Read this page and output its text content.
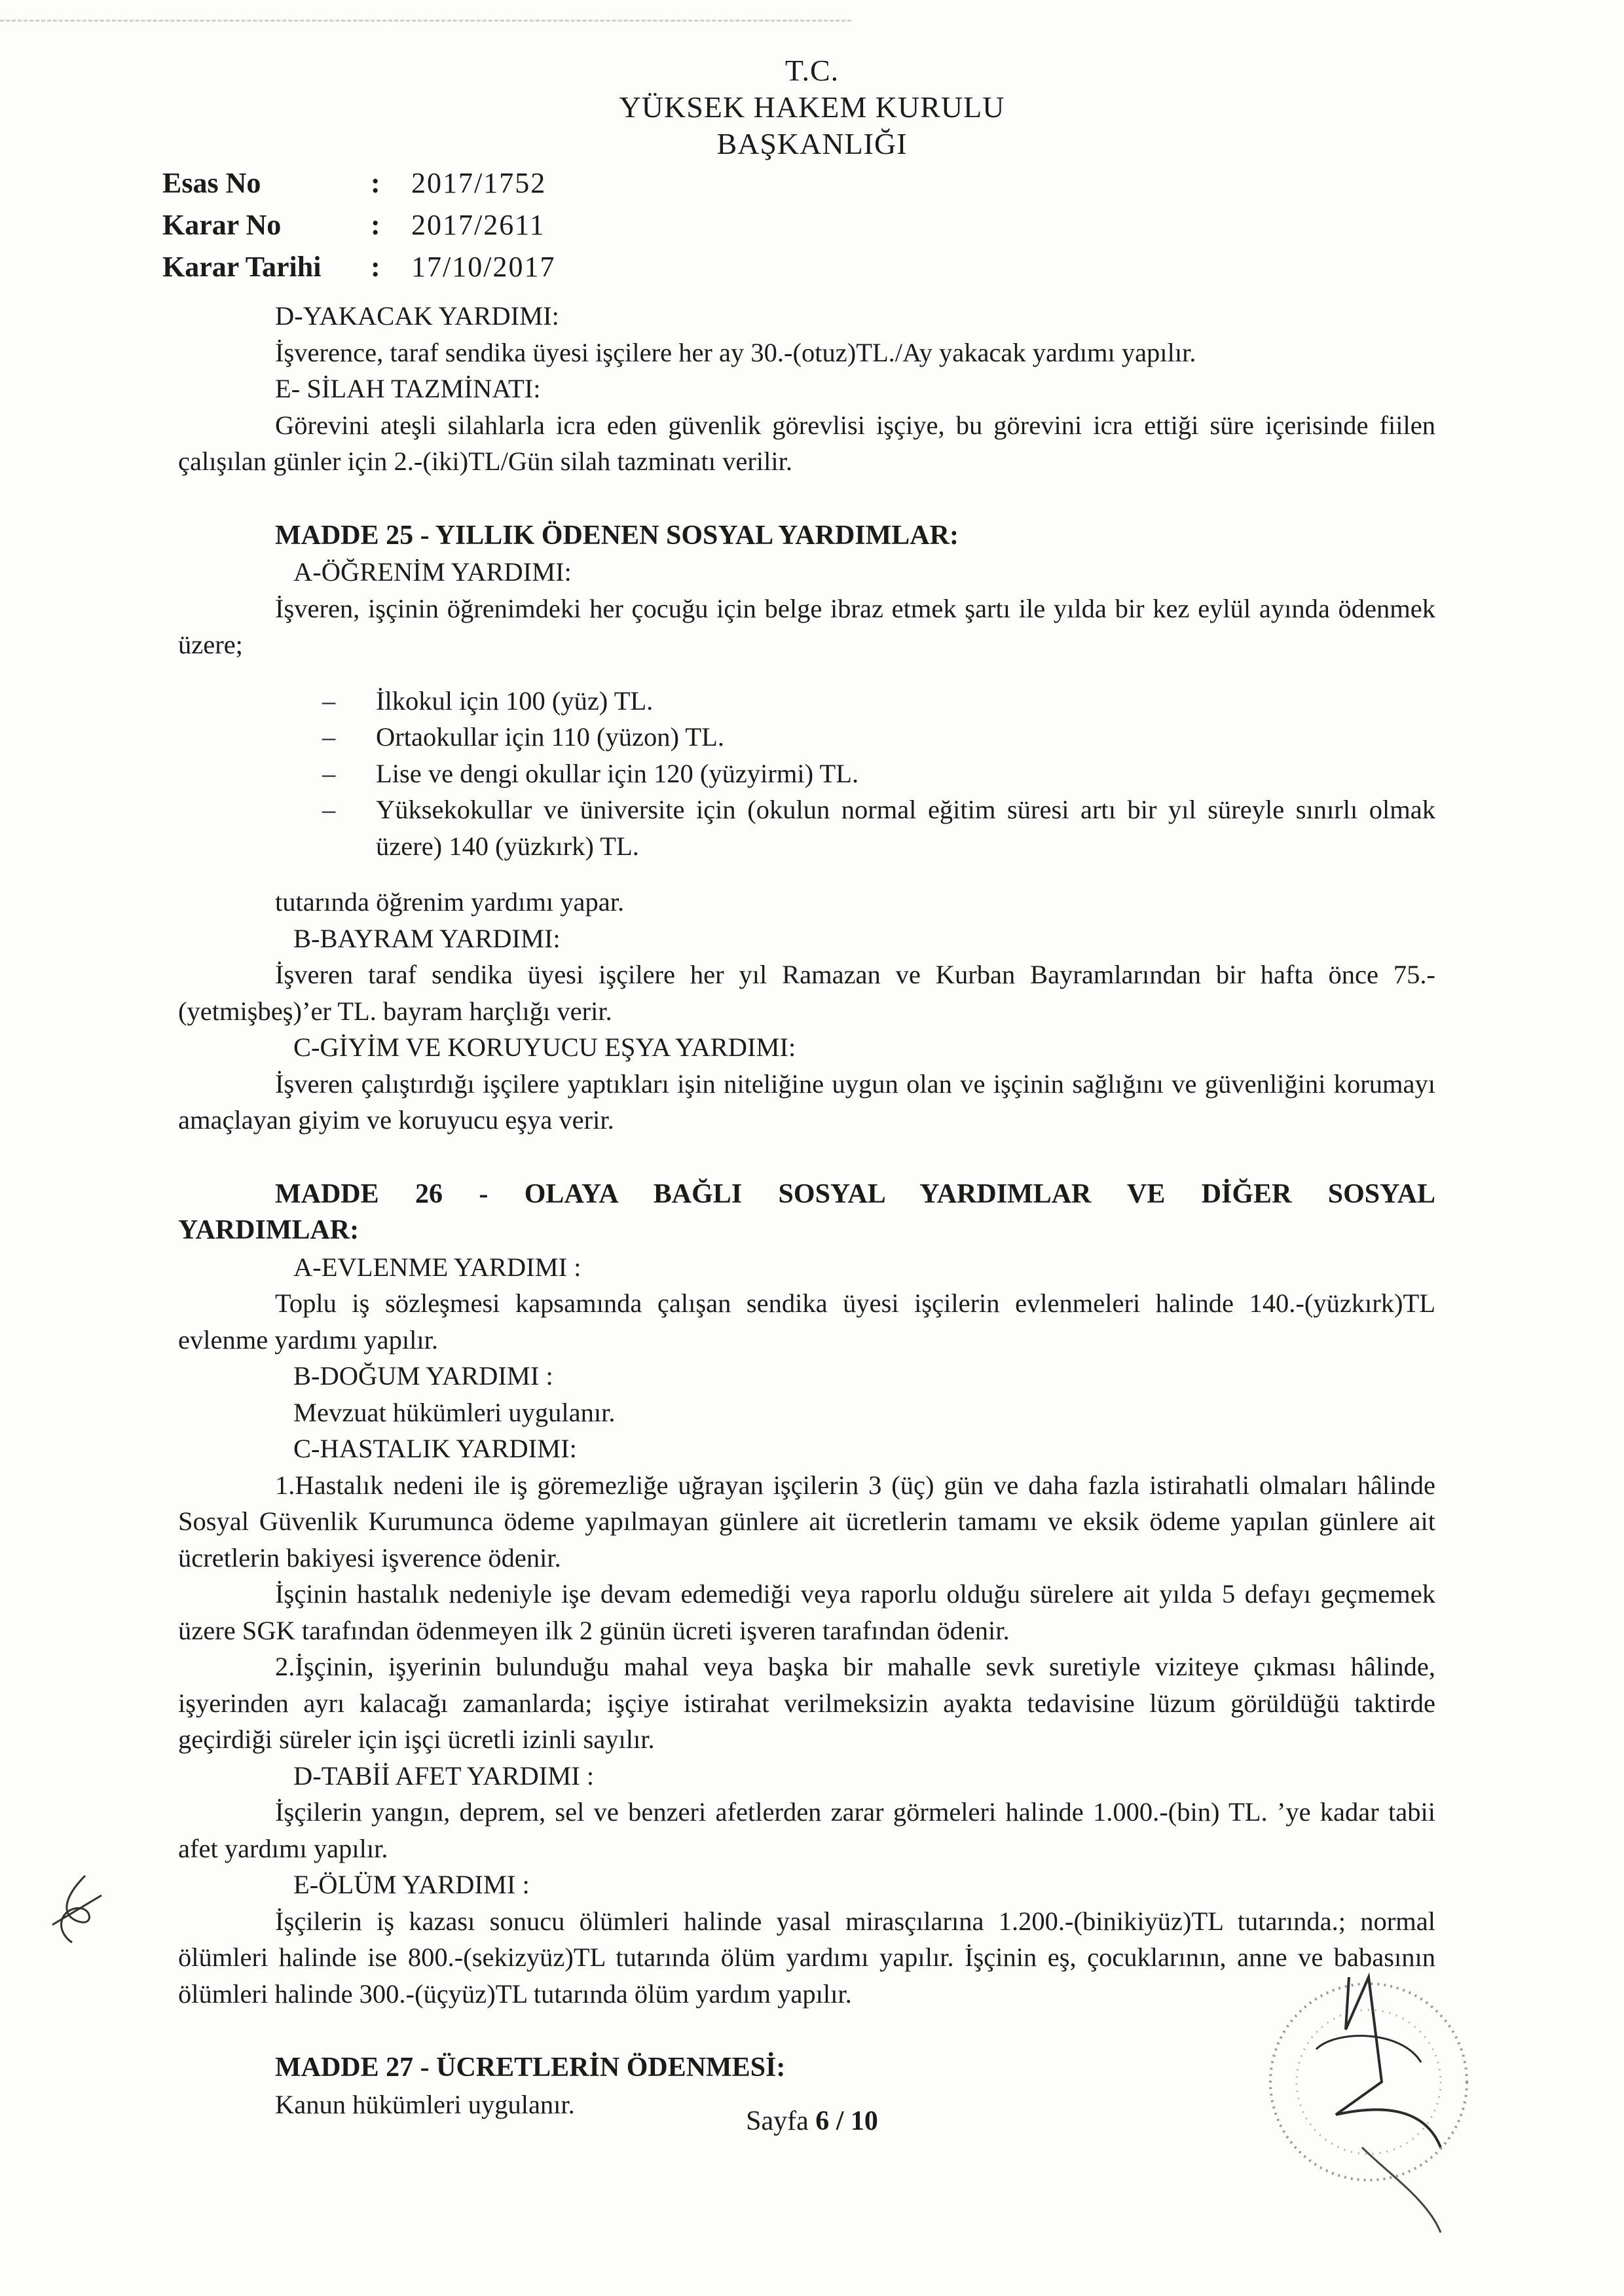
T.C.
YÜKSEK HAKEM KURULU
BAŞKANLIĞI
Esas No	:	2017/1752
Karar No	:	2017/2611
Karar Tarihi	:	17/10/2017

D-YAKACAK YARDIMI:

İşverence, taraf sendika üyesi işçilere her ay 30.-(otuz)TL./Ay yakacak yardımı yapılır.

E- SİLAH TAZMİNATI:

Görevini ateşli silahlarla icra eden güvenlik görevlisi işçiye, bu görevini icra ettiği süre içerisinde fiilen çalışılan günler için 2.-(iki)TL/Gün silah tazminatı verilir.

MADDE 25 - YILLIK ÖDENEN SOSYAL YARDIMLAR:

A-ÖĞRENİM YARDIMI:

İşveren, işçinin öğrenimdeki her çocuğu için belge ibraz etmek şartı ile yılda bir kez eylül ayında ödenmek üzere;

– İlkokul için 100 (yüz) TL.
– Ortaokullar için 110 (yüzon) TL.
– Lise ve dengi okullar için 120 (yüzyirmi) TL.
– Yüksekokullar ve üniversite için (okulun normal eğitim süresi artı bir yıl süreyle sınırlı olmak üzere) 140 (yüzkırk) TL.

tutarında öğrenim yardımı yapar.

B-BAYRAM YARDIMI:

İşveren taraf sendika üyesi işçilere her yıl Ramazan ve Kurban Bayramlarından bir hafta önce 75.-(yetmişbeş)’er TL. bayram harçlığı verir.

C-GİYİM VE KORUYUCU EŞYA YARDIMI:

İşveren çalıştırdığı işçilere yaptıkları işin niteliğine uygun olan ve işçinin sağlığını ve güvenliğini korumayı amaçlayan giyim ve koruyucu eşya verir.

MADDE 26 - OLAYA BAĞLI SOSYAL YARDIMLAR VE DİĞER SOSYAL YARDIMLAR:

A-EVLENME YARDIMI :

Toplu iş sözleşmesi kapsamında çalışan sendika üyesi işçilerin evlenmeleri halinde 140.-(yüzkırk)TL evlenme yardımı yapılır.

B-DOĞUM YARDIMI :

Mevzuat hükümleri uygulanır.

C-HASTALIK YARDIMI:

1.Hastalık nedeni ile iş göremezliğe uğrayan işçilerin 3 (üç) gün ve daha fazla istirahatli olmaları hâlinde Sosyal Güvenlik Kurumunca ödeme yapılmayan günlere ait ücretlerin tamamı ve eksik ödeme yapılan günlere ait ücretlerin bakiyesi işverence ödenir.

İşçinin hastalık nedeniyle işe devam edemediği veya raporlu olduğu sürelere ait yılda 5 defayı geçmemek üzere SGK tarafından ödenmeyen ilk 2 günün ücreti işveren tarafından ödenir.

2.İşçinin, işyerinin bulunduğu mahal veya başka bir mahalle sevk suretiyle viziteye çıkması hâlinde, işyerinden ayrı kalacağı zamanlarda; işçiye istirahat verilmeksizin ayakta tedavisine lüzum görüldüğü taktirde geçirdiği süreler için işçi ücretli izinli sayılır.

D-TABİİ AFET YARDIMI :

İşçilerin yangın, deprem, sel ve benzeri afetlerden zarar görmeleri halinde 1.000.-(bin) TL. ’ye kadar tabii afet yardımı yapılır.

E-ÖLÜM YARDIMI :

İşçilerin iş kazası sonucu ölümleri halinde yasal mirasçılarına 1.200.-(binikiyüz)TL tutarında.; normal ölümleri halinde ise 800.-(sekizyüz)TL tutarında ölüm yardımı yapılır. İşçinin eş, çocuklarının, anne ve babasının ölümleri halinde 300.-(üçyüz)TL tutarında ölüm yardım yapılır.

MADDE 27 - ÜCRETLERİN ÖDENMESİ:

Kanun hükümleri uygulanır.

Sayfa 6 / 10
